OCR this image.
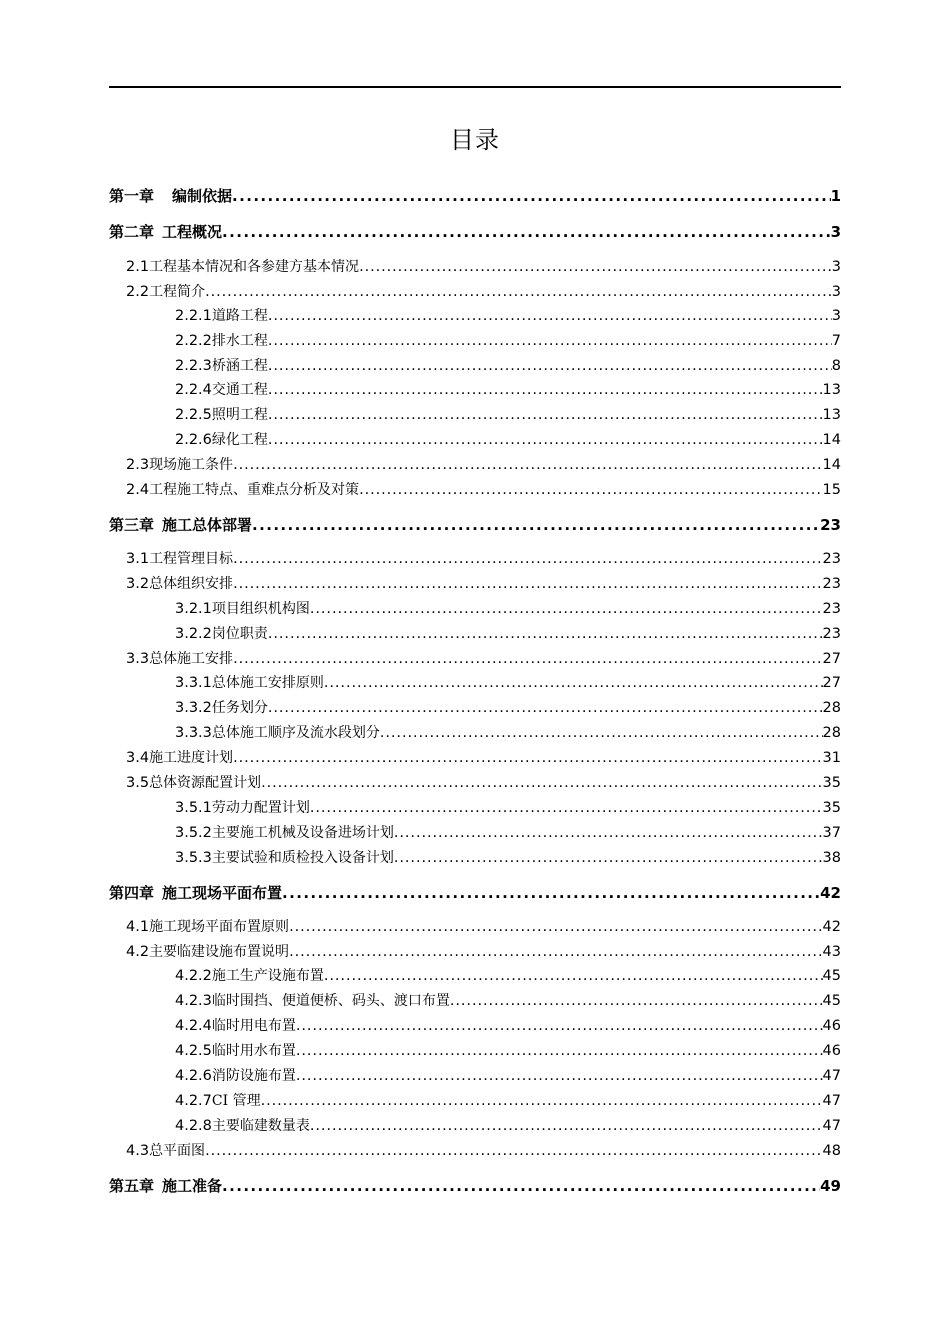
目录
第一章 编制依据 .....	1
第二章 工程概况 .....	3
2.1 工程基本情况和各参建方基本情况 .....	3
2.2 工程简介 .....	3
2.2.1 道路工程 .....	3
2.2.2 排水工程 .....	7
2.2.3 桥涵工程 .....	8
2.2.4 交通工程 .....	13
2.2.5 照明工程 .....	13
2.2.6 绿化工程 .....	14
2.3 现场施工条件 .....	14
2.4 工程施工特点、重难点分析及对策 .....	15
第三章 施工总体部署 .....	23
3.1 工程管理目标 .....	23
3.2 总体组织安排 .....	23
3.2.1 项目组织机构图 .....	23
3.2.2 岗位职责 .....	23
3.3 总体施工安排 .....	27
3.3.1 总体施工安排原则 .....	27
3.3.2 任务划分 .....	28
3.3.3 总体施工顺序及流水段划分 .....	28
3.4 施工进度计划 .....	31
3.5 总体资源配置计划 .....	35
3.5.1 劳动力配置计划 .....	35
3.5.2 主要施工机械及设备进场计划 .....	37
3.5.3 主要试验和质检投入设备计划 .....	38
第四章 施工现场平面布置 .....	42
4.1 施工现场平面布置原则 .....	42
4.2 主要临建设施布置说明 .....	43
4.2.2 施工生产设施布置 .....	45
4.2.3 临时围挡、便道便桥、码头、渡口布置 .....	45
4.2.4 临时用电布置 .....	46
4.2.5 临时用水布置 .....	46
4.2.6 消防设施布置 .....	47
4.2.7 CI 管理 .....	47
4.2.8 主要临建数量表 .....	47
4.3 总平面图 .....	48
第五章 施工准备 .....	49
